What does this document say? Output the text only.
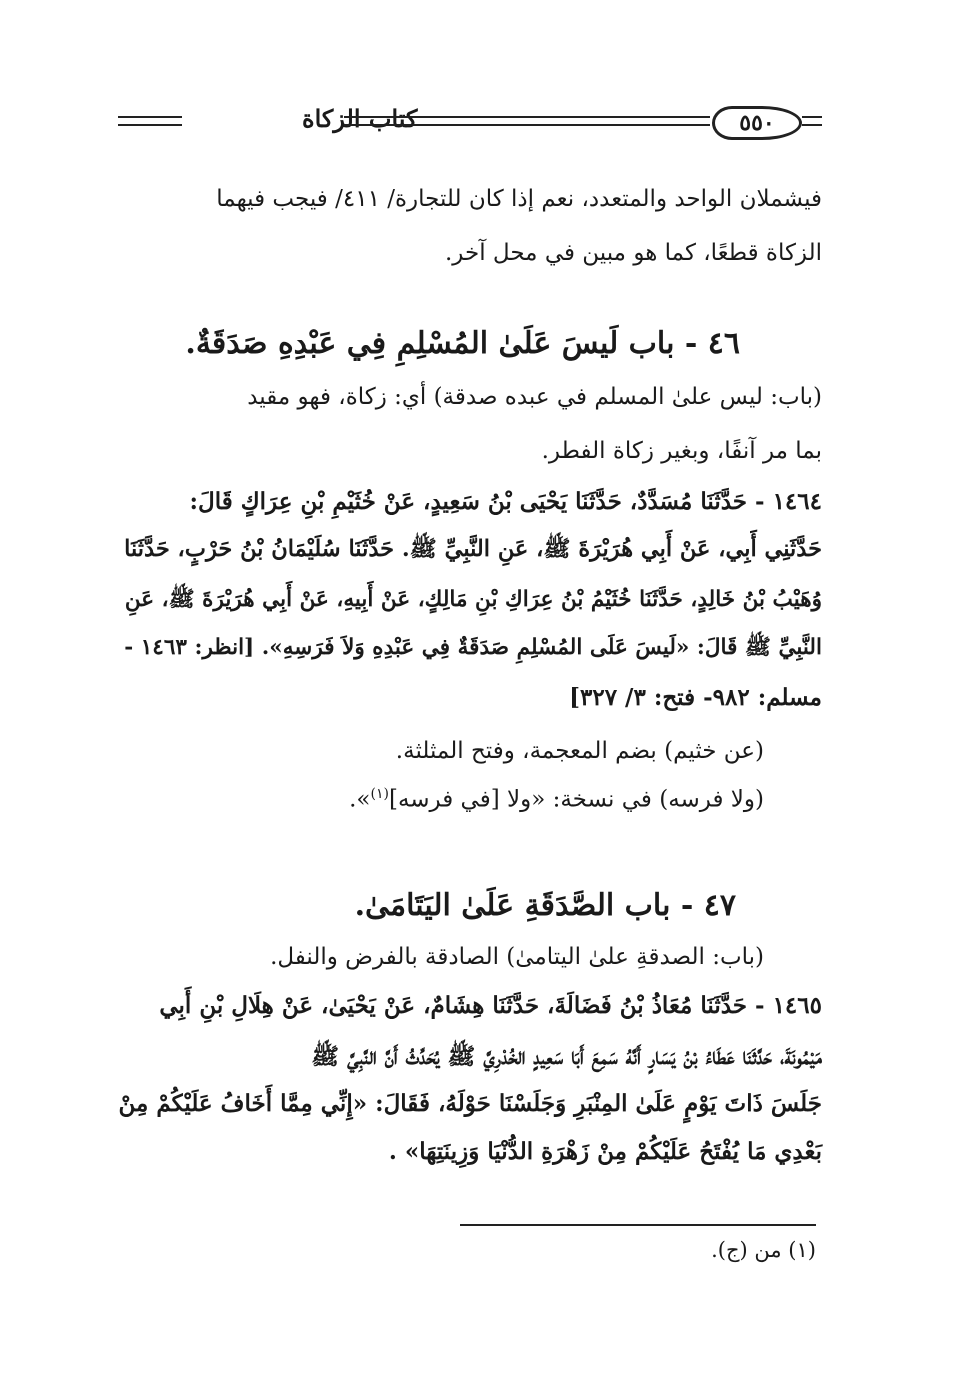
كتاب الزكاة	٥٥٠
فيشملان الواحد والمتعدد، نعم إذا كان للتجارة/ ٤١١/ فيجب فيهما
الزكاة قطعًا، كما هو مبين في محل آخر.
٤٦ - باب لَيسَ عَلَىٰ المُسْلِمِ فِي عَبْدِهِ صَدَقَةٌ.
(باب: ليس علىٰ المسلم في عبده صدقة) أي: زكاة، فهو مقيد
بما مر آنفًا، وبغير زكاة الفطر.
١٤٦٤ - حَدَّثَنَا مُسَدَّدٌ، حَدَّثَنَا يَحْيَى بْنُ سَعِيدٍ، عَنْ خُثَيْمِ بْنِ عِرَاكٍ قَالَ:
حَدَّثَنِي أَبِي، عَنْ أَبِي هُرَيْرَةَ ﷺ، عَنِ النَّبِيِّ ﷺ. حَدَّثَنَا سُلَيْمَانُ بْنُ حَرْبٍ، حَدَّثَنَا
وُهَيْبُ بْنُ خَالِدٍ، حَدَّثَنَا خُثَيْمُ بْنُ عِرَاكِ بْنِ مَالِكٍ، عَنْ أَبِيهِ، عَنْ أَبِي هُرَيْرَةَ ﷺ، عَنِ
النَّبِيِّ ﷺ قَالَ: «لَيسَ عَلَى المُسْلِمِ صَدَقَةٌ فِي عَبْدِهِ وَلاَ فَرَسِهِ». [انظر: ١٤٦٣ -
مسلم: ٩٨٢- فتح: ٣/ ٣٢٧]
(عن خثيم) بضم المعجمة، وفتح المثلثة.
(ولا فرسه) في نسخة: «ولا [في فرسه]$^{(١)}$».
٤٧ - باب الصَّدَقَةِ عَلَىٰ اليَتَامَىٰ.
(باب: الصدقةِ علىٰ اليتامىٰ) الصادقة بالفرض والنفل.
١٤٦٥ - حَدَّثَنَا مُعَاذُ بْنُ فَضَالَةَ، حَدَّثَنَا هِشَامٌ، عَنْ يَحْيَىٰ، عَنْ هِلَالِ بْنِ أَبِي
مَيْمُونَةَ، حَدَّثَنَا عَطَاءُ بْنُ يَسَارٍ أَنَّهُ سَمِعَ أَبَا سَعِيدٍ الخُدْرِيَّ ﷺ يُحَدِّثُ أَنَّ النَّبِيَّ ﷺ
جَلَسَ ذَاتَ يَوْمٍ عَلَىٰ المِنْبَرِ وَجَلَسْنَا حَوْلَهُ، فَقَالَ: «إِنِّي مِمَّا أَخَافُ عَلَيْكُمْ مِنْ
بَعْدِي مَا يُفْتَحُ عَلَيْكُمْ مِنْ زَهْرَةِ الدُّنْيَا وَزِينَتِهَا» .
(١) من (ج).
